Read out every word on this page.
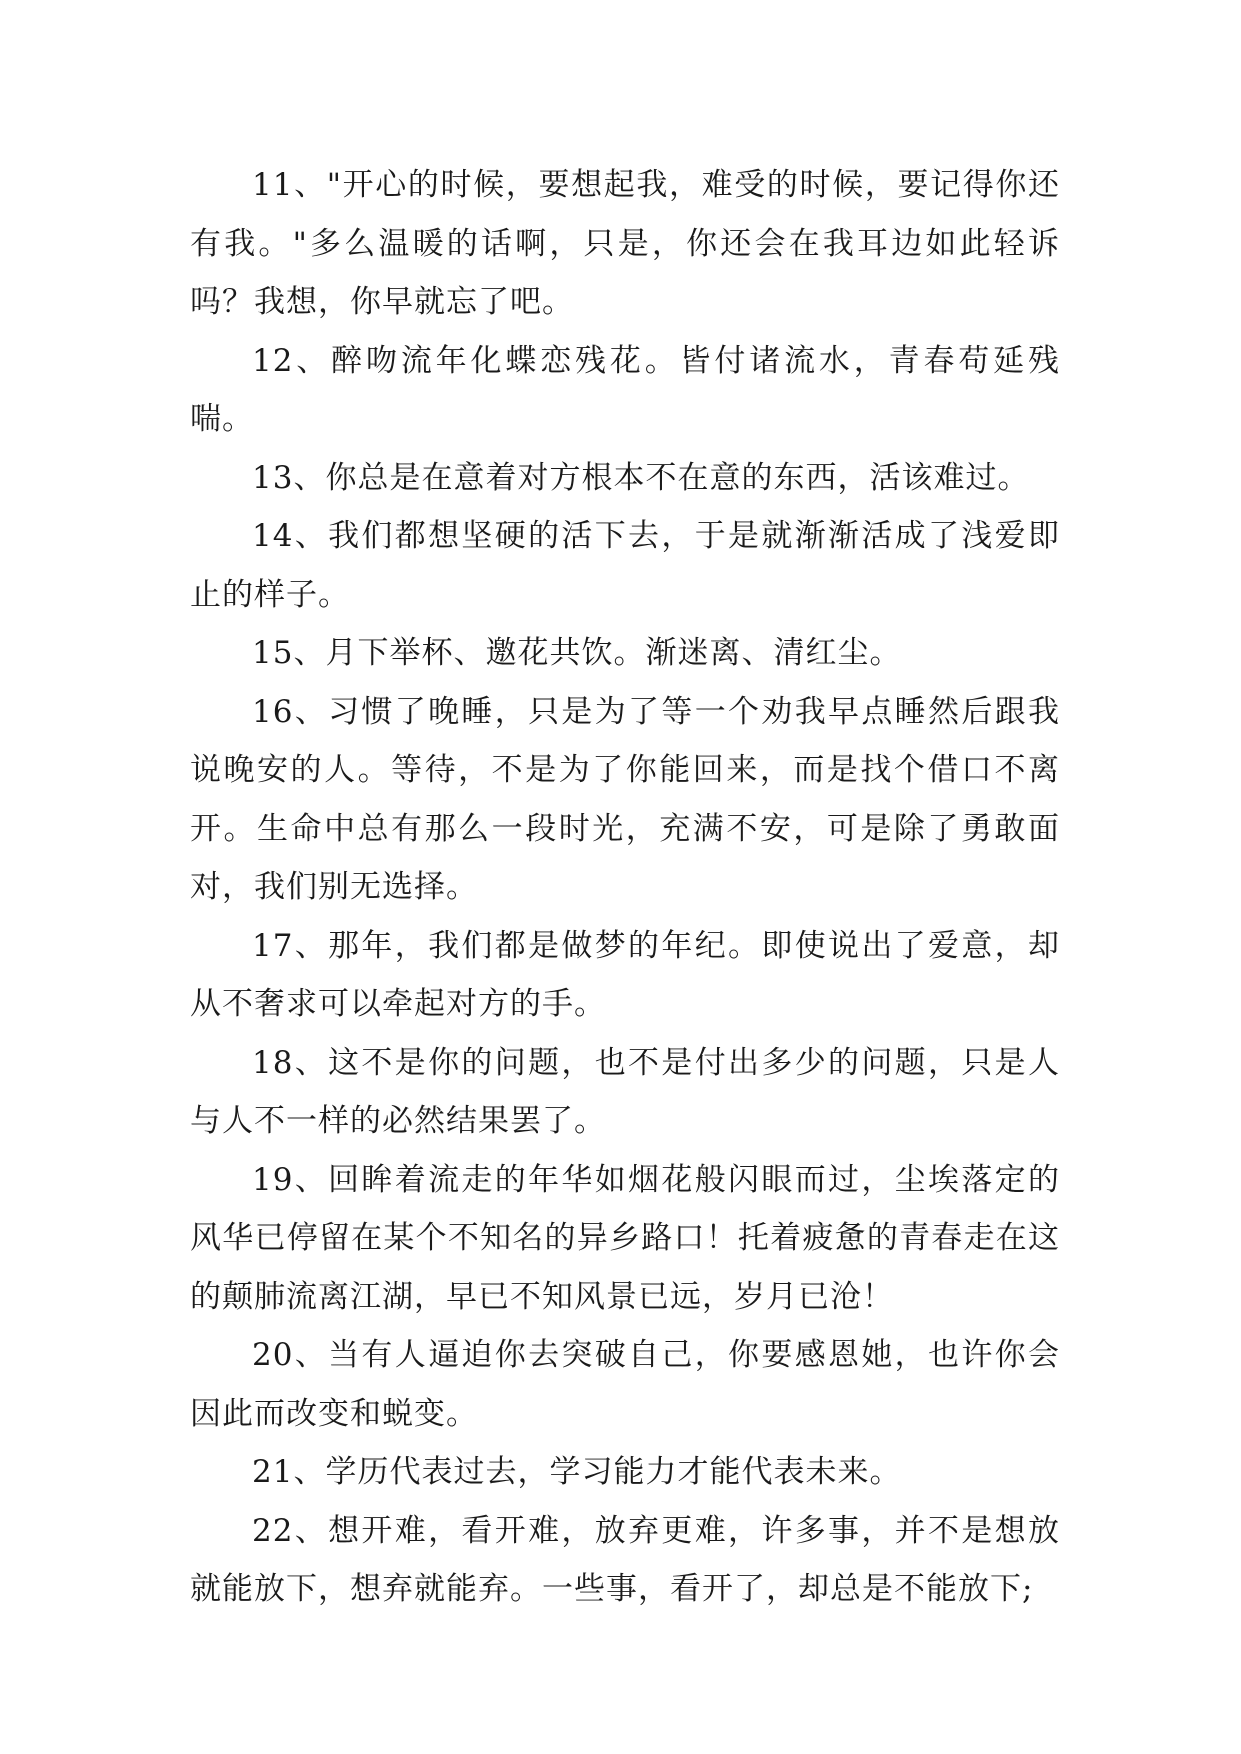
11、"开心的时候，要想起我，难受的时候，要记得你还有我。"多么温暖的话啊，只是，你还会在我耳边如此轻诉吗？我想，你早就忘了吧。

12、醉吻流年化蝶恋残花。皆付诸流水，青春苟延残喘。

13、你总是在意着对方根本不在意的东西，活该难过。

14、我们都想坚硬的活下去，于是就渐渐活成了浅爱即止的样子。

15、月下举杯、邀花共饮。渐迷离、清红尘。

16、习惯了晚睡，只是为了等一个劝我早点睡然后跟我说晚安的人。等待，不是为了你能回来，而是找个借口不离开。生命中总有那么一段时光，充满不安，可是除了勇敢面对，我们别无选择。

17、那年，我们都是做梦的年纪。即使说出了爱意，却从不奢求可以牵起对方的手。

18、这不是你的问题，也不是付出多少的问题，只是人与人不一样的必然结果罢了。

19、回眸着流走的年华如烟花般闪眼而过，尘埃落定的风华已停留在某个不知名的异乡路口！托着疲惫的青春走在这的颠肺流离江湖，早已不知风景已远，岁月已沧！

20、当有人逼迫你去突破自己，你要感恩她，也许你会因此而改变和蜕变。

21、学历代表过去，学习能力才能代表未来。

22、想开难，看开难，放弃更难，许多事，并不是想放就能放下，想弃就能弃。一些事，看开了，却总是不能放下;
